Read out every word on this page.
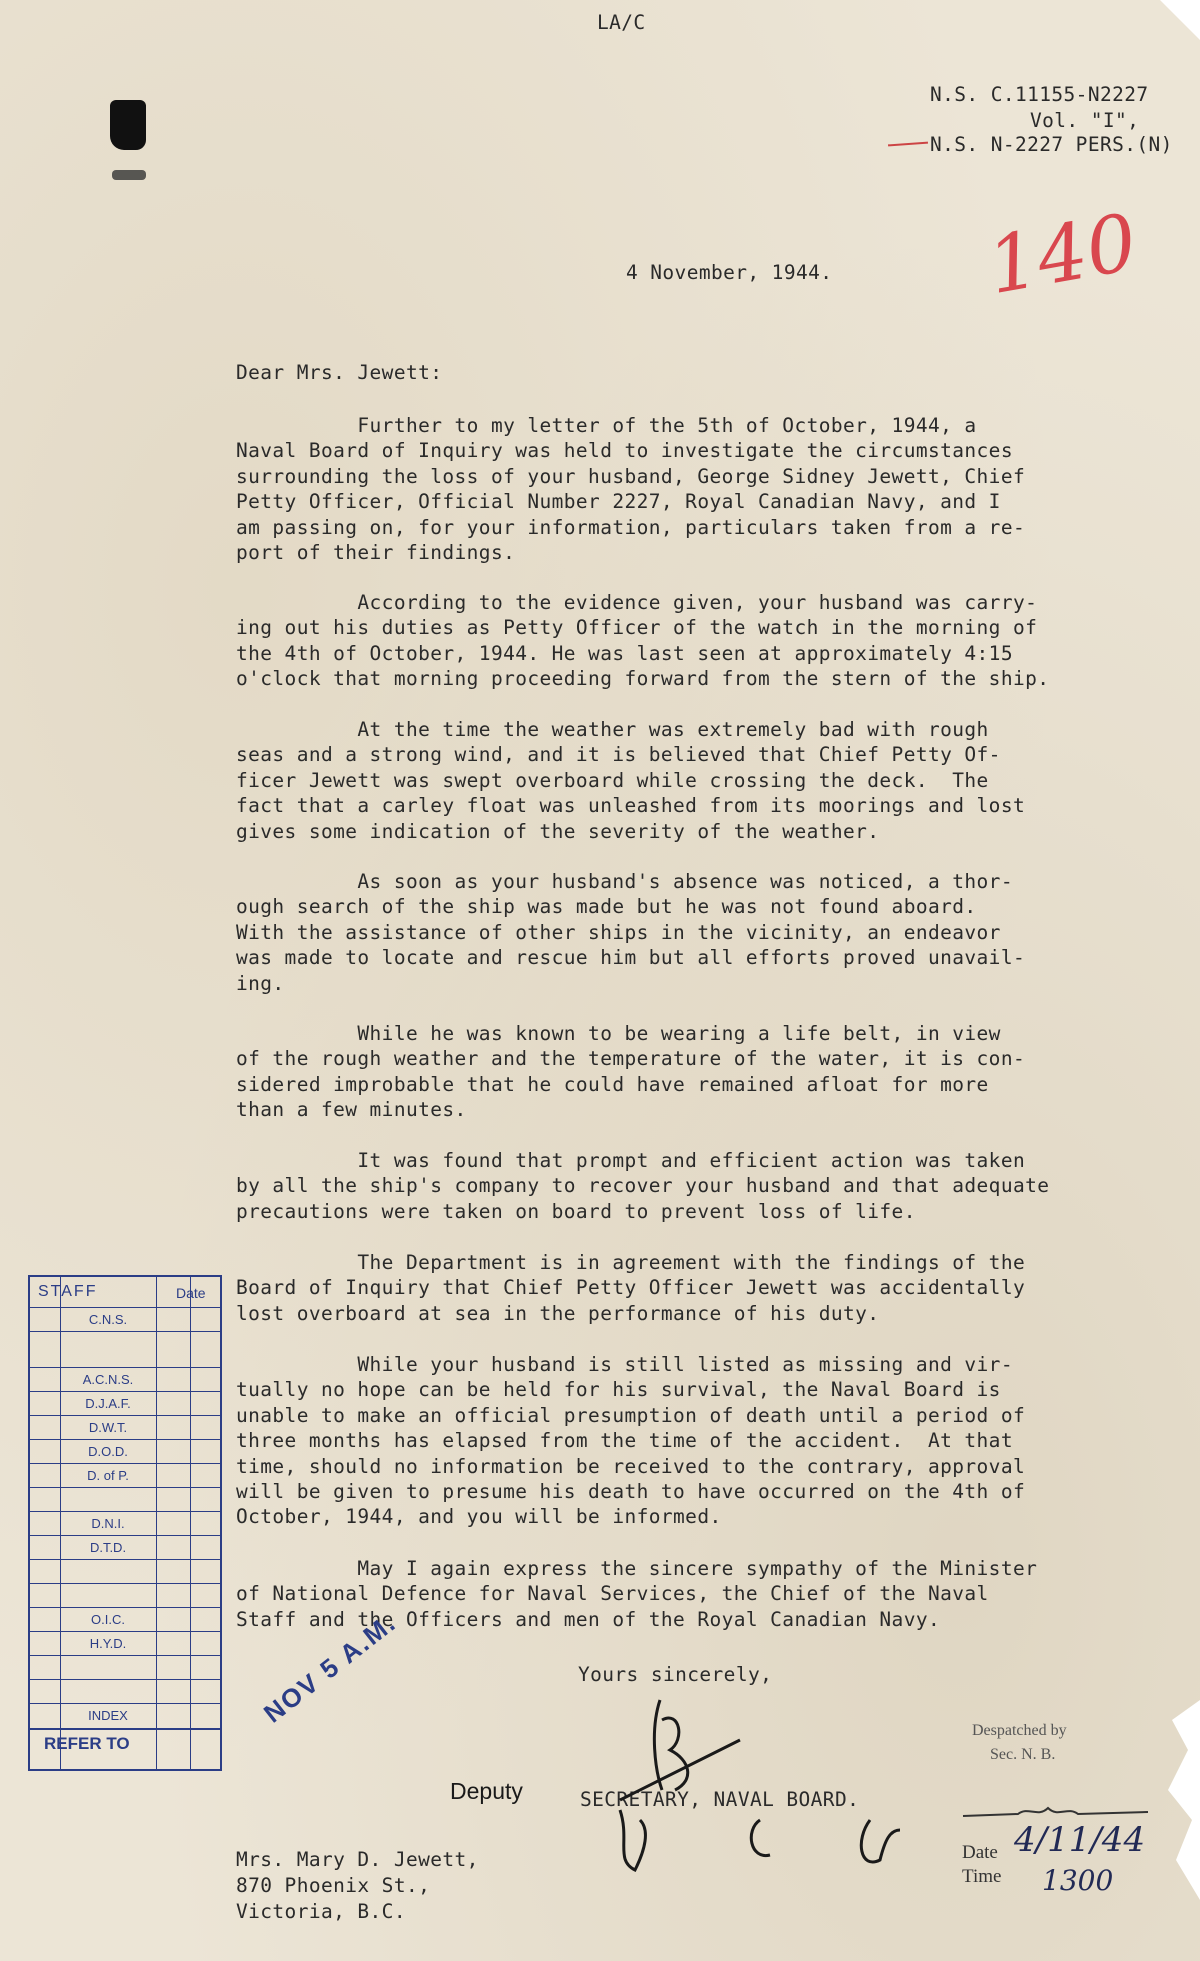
LA/C
N.S. C.11155-N2227
Vol. "I",
N.S. N-2227 PERS.(N)
140
4 November, 1944.
Dear Mrs. Jewett:
Further to my letter of the 5th of October, 1944, a
Naval Board of Inquiry was held to investigate the circumstances
surrounding the loss of your husband, George Sidney Jewett, Chief
Petty Officer, Official Number 2227, Royal Canadian Navy, and I
am passing on, for your information, particulars taken from a re-
port of their findings.
According to the evidence given, your husband was carry-
ing out his duties as Petty Officer of the watch in the morning of
the 4th of October, 1944. He was last seen at approximately 4:15
o'clock that morning proceeding forward from the stern of the ship.
At the time the weather was extremely bad with rough
seas and a strong wind, and it is believed that Chief Petty Of-
ficer Jewett was swept overboard while crossing the deck.  The
fact that a carley float was unleashed from its moorings and lost
gives some indication of the severity of the weather.
As soon as your husband's absence was noticed, a thor-
ough search of the ship was made but he was not found aboard.
With the assistance of other ships in the vicinity, an endeavor
was made to locate and rescue him but all efforts proved unavail-
ing.
While he was known to be wearing a life belt, in view
of the rough weather and the temperature of the water, it is con-
sidered improbable that he could have remained afloat for more
than a few minutes.
It was found that prompt and efficient action was taken
by all the ship's company to recover your husband and that adequate
precautions were taken on board to prevent loss of life.
The Department is in agreement with the findings of the
Board of Inquiry that Chief Petty Officer Jewett was accidentally
lost overboard at sea in the performance of his duty.
While your husband is still listed as missing and vir-
tually no hope can be held for his survival, the Naval Board is
unable to make an official presumption of death until a period of
three months has elapsed from the time of the accident.  At that
time, should no information be received to the contrary, approval
will be given to presume his death to have occurred on the 4th of
October, 1944, and you will be informed.
May I again express the sincere sympathy of the Minister
of National Defence for Naval Services, the Chief of the Naval
Staff and the Officers and men of the Royal Canadian Navy.
Yours sincerely,
Deputy	SECRETARY, NAVAL BOARD.
Mrs. Mary D. Jewett,
870 Phoenix St.,
Victoria, B.C.
STAFF	Date
C.N.S.
A.C.N.S.
D.J.A.F.
D.W.T.
D.O.D.
D. of P.
D.N.I.
D.T.D.
O.I.C.
H.Y.D.
INDEX
REFER TO
NOV 5 A.M.
Despatched by
Sec. N. B.
Date 4/11/44
Time 1300
